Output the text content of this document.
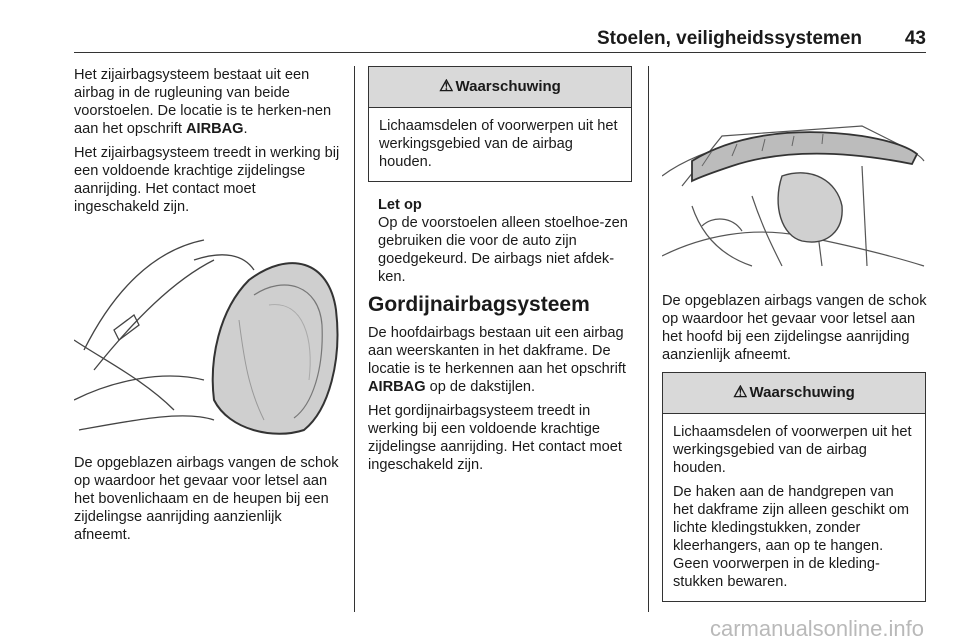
Stoelen, veiligheidssystemen 43

Het zijairbagsysteem bestaat uit een airbag in de rugleuning van beide voorstoelen. De locatie is te herken-nen aan het opschrift AIRBAG.

Het zijairbagsysteem treedt in werking bij een voldoende krachtige zijdelingse aanrijding. Het contact moet ingeschakeld zijn.

De opgeblazen airbags vangen de schok op waardoor het gevaar voor letsel aan het bovenlichaam en de heupen bij een zijdelingse aanrijding aanzienlijk afneemt.

⚠ Waarschuwing

Lichaamsdelen of voorwerpen uit het werkingsgebied van de airbag houden.

Let op
Op de voorstoelen alleen stoelhoe-zen gebruiken die voor de auto zijn goedgekeurd. De airbags niet afdek-ken.
Gordijnairbagsysteem

De hoofdairbags bestaan uit een airbag aan weerskanten in het dakframe. De locatie is te herkennen aan het opschrift AIRBAG op de dakstijlen.

Het gordijnairbagsysteem treedt in werking bij een voldoende krachtige zijdelingse aanrijding. Het contact moet ingeschakeld zijn.

De opgeblazen airbags vangen de schok op waardoor het gevaar voor letsel aan het hoofd bij een zijdelingse aanrijding aanzienlijk afneemt.

⚠ Waarschuwing

Lichaamsdelen of voorwerpen uit het werkingsgebied van de airbag houden.

De haken aan de handgrepen van het dakframe zijn alleen geschikt om lichte kledingstukken, zonder kleerhangers, aan op te hangen. Geen voorwerpen in de kleding-stukken bewaren.

carmanualsonline.info
